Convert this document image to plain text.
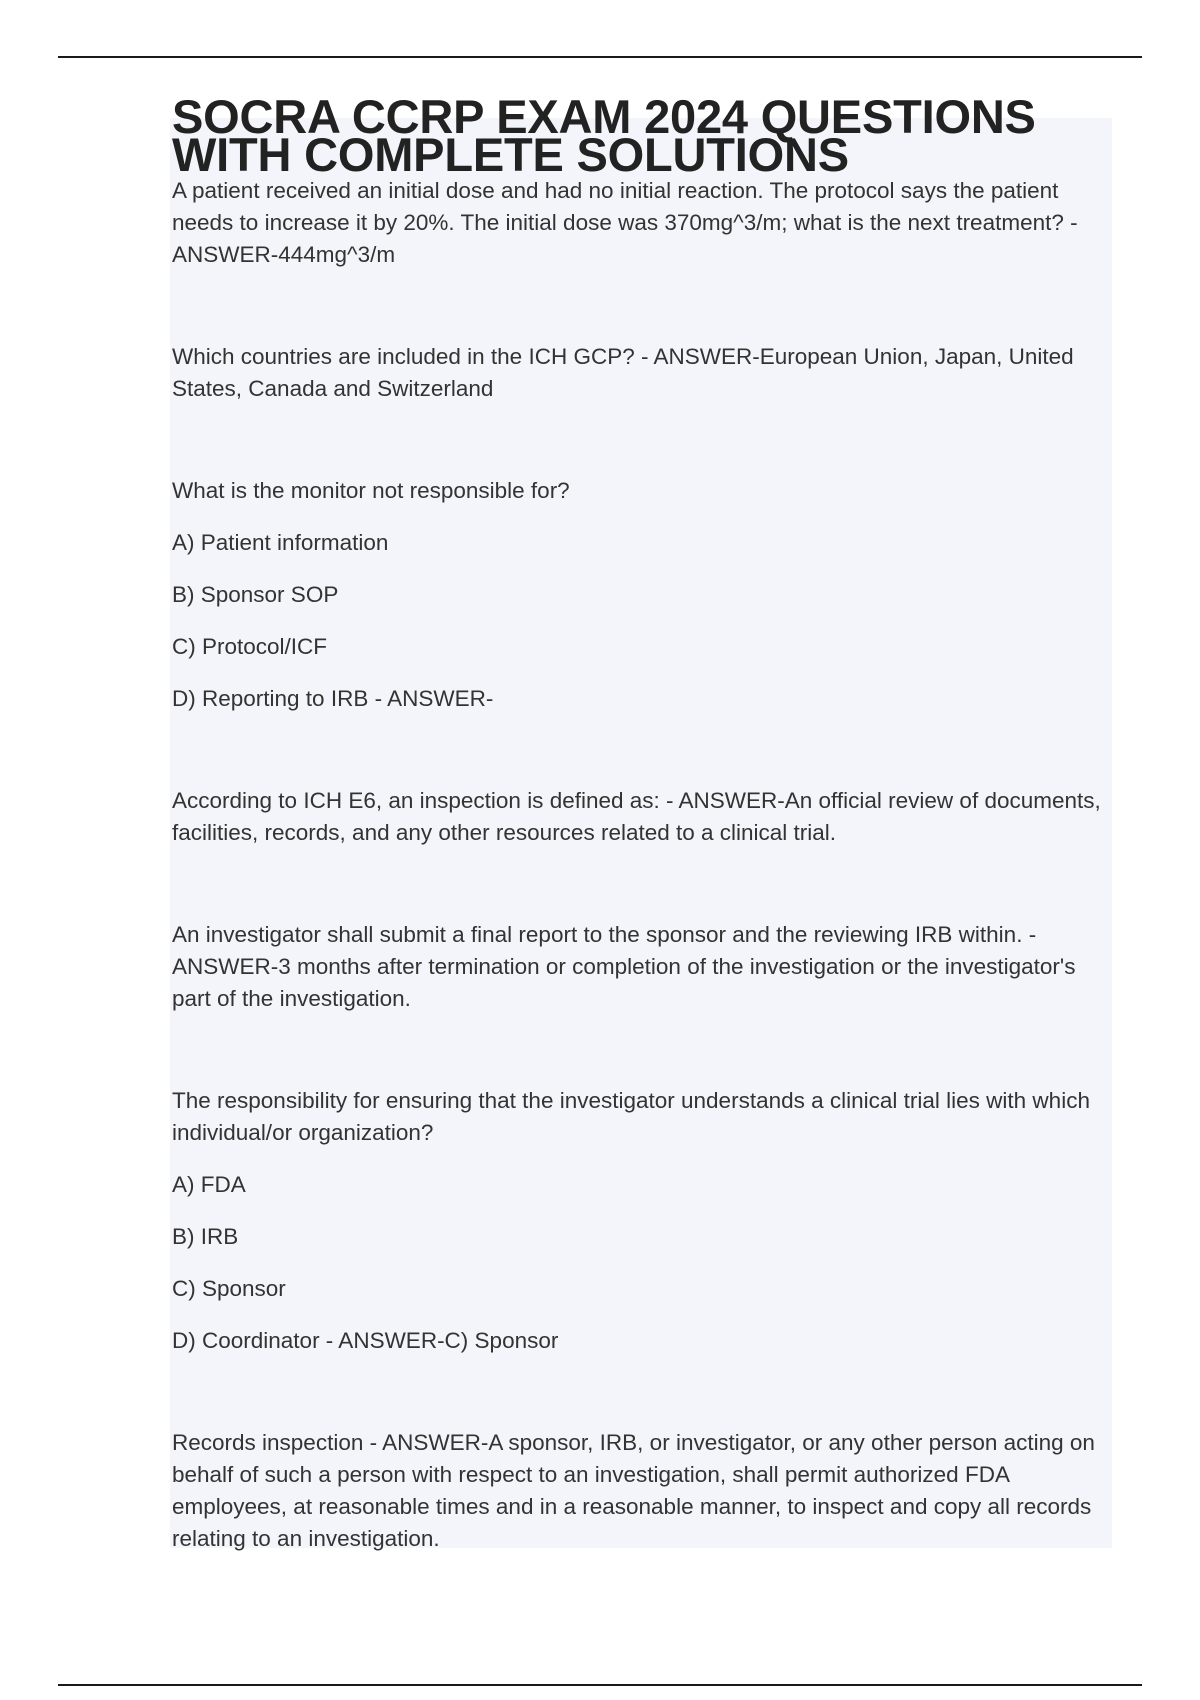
SOCRA CCRP EXAM 2024 QUESTIONS WITH COMPLETE SOLUTIONS

A patient received an initial dose and had no initial reaction. The protocol says the patient needs to increase it by 20%. The initial dose was 370mg^3/m; what is the next treatment? - ANSWER-444mg^3/m

Which countries are included in the ICH GCP? - ANSWER-European Union, Japan, United States, Canada and Switzerland

What is the monitor not responsible for?

A) Patient information

B) Sponsor SOP

C) Protocol/ICF

D) Reporting to IRB - ANSWER-

According to ICH E6, an inspection is defined as: - ANSWER-An official review of documents, facilities, records, and any other resources related to a clinical trial.

An investigator shall submit a final report to the sponsor and the reviewing IRB within. - ANSWER-3 months after termination or completion of the investigation or the investigator's part of the investigation.

The responsibility for ensuring that the investigator understands a clinical trial lies with which individual/or organization?

A) FDA

B) IRB

C) Sponsor

D) Coordinator - ANSWER-C) Sponsor

Records inspection - ANSWER-A sponsor, IRB, or investigator, or any other person acting on behalf of such a person with respect to an investigation, shall permit authorized FDA employees, at reasonable times and in a reasonable manner, to inspect and copy all records relating to an investigation.
